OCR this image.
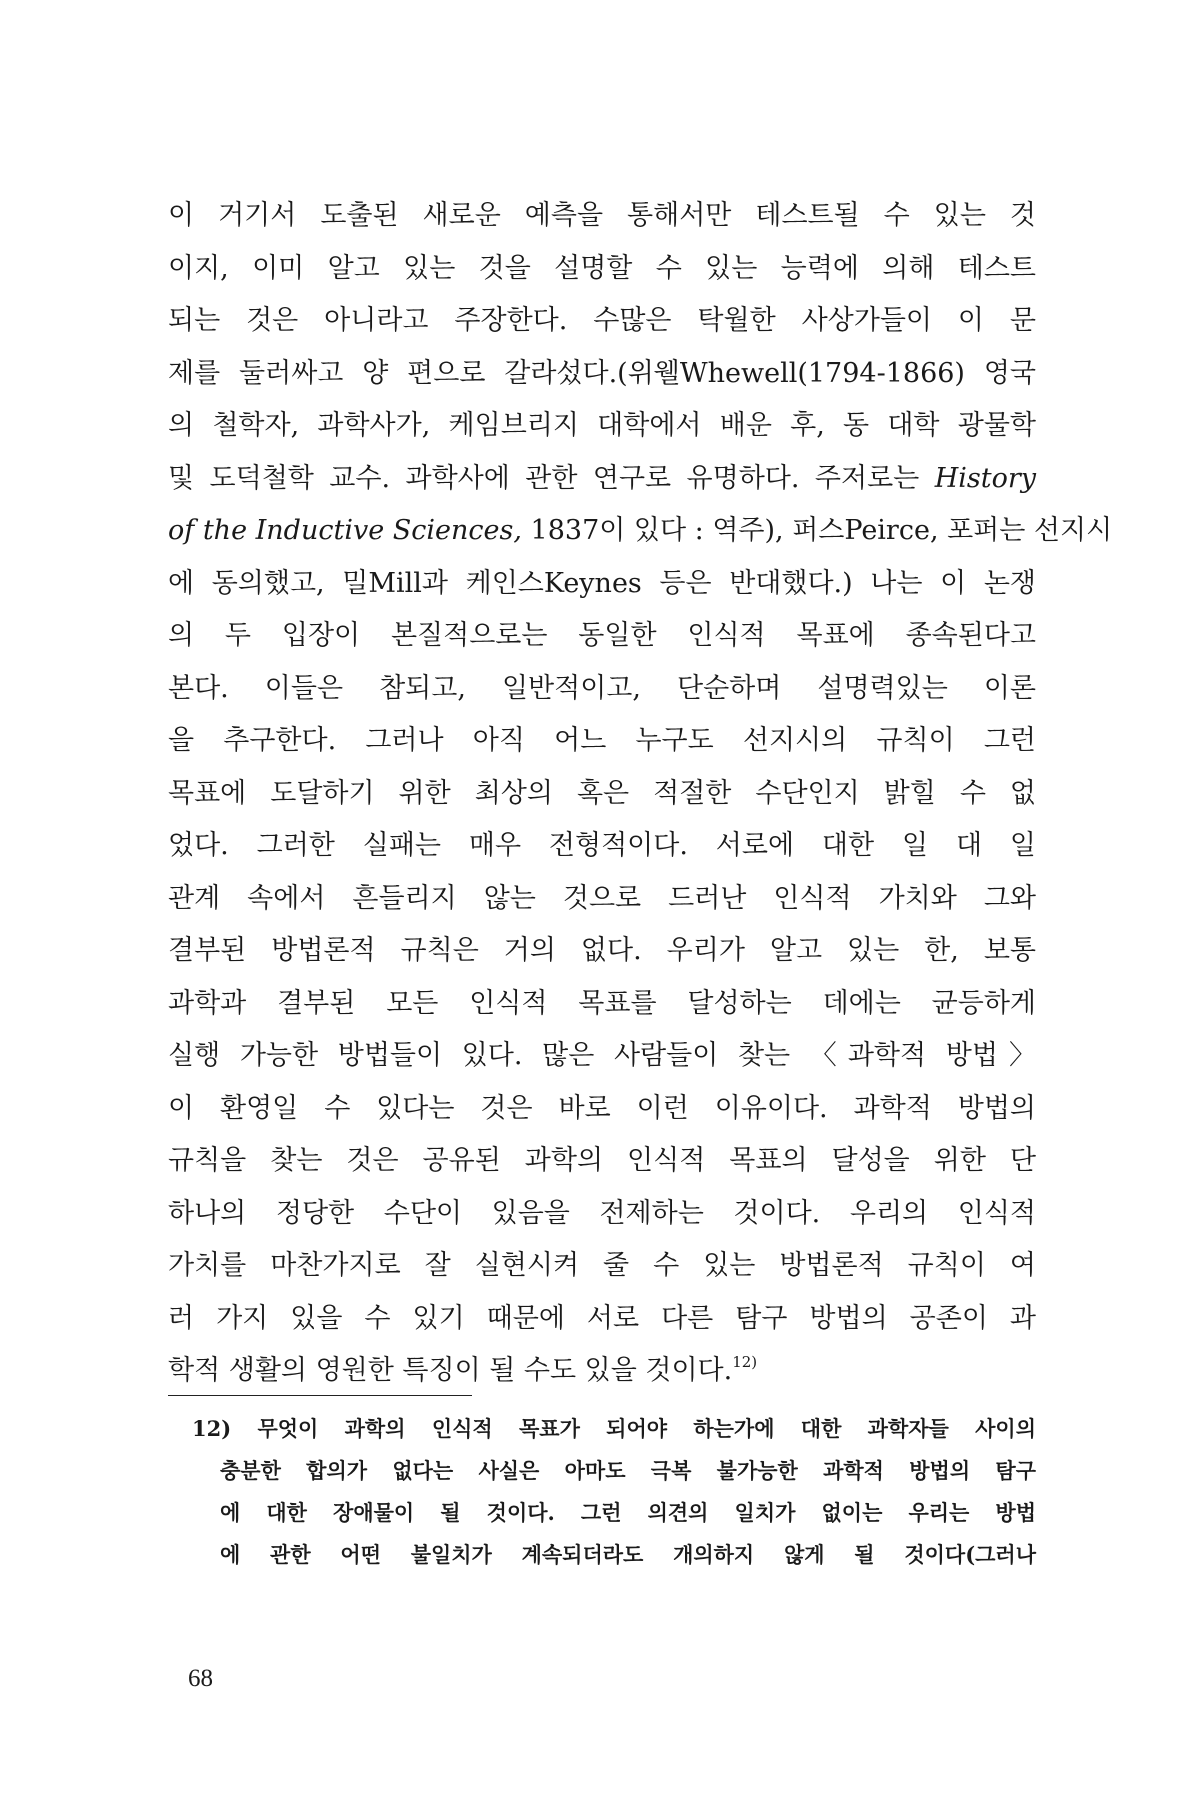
이 거기서 도출된 새로운 예측을 통해서만 테스트될 수 있는 것
이지, 이미 알고 있는 것을 설명할 수 있는 능력에 의해 테스트
되는 것은 아니라고 주장한다. 수많은 탁월한 사상가들이 이 문
제를 둘러싸고 양 편으로 갈라섰다.(위웰Whewell(1794-1866) 영국
의 철학자, 과학사가, 케임브리지 대학에서 배운 후, 동 대학 광물학
및 도덕철학 교수. 과학사에 관한 연구로 유명하다. 주저로는 History
of the Inductive Sciences, 1837이 있다 : 역주), 퍼스Peirce, 포퍼는 선지시
에 동의했고, 밀Mill과 케인스Keynes 등은 반대했다.) 나는 이 논쟁
의 두 입장이 본질적으로는 동일한 인식적 목표에 종속된다고
본다. 이들은 참되고, 일반적이고, 단순하며 설명력있는 이론
을 추구한다. 그러나 아직 어느 누구도 선지시의 규칙이 그런
목표에 도달하기 위한 최상의 혹은 적절한 수단인지 밝힐 수 없
었다. 그러한 실패는 매우 전형적이다. 서로에 대한 일 대 일
관계 속에서 흔들리지 않는 것으로 드러난 인식적 가치와 그와
결부된 방법론적 규칙은 거의 없다. 우리가 알고 있는 한, 보통
과학과 결부된 모든 인식적 목표를 달성하는 데에는 균등하게
실행 가능한 방법들이 있다. 많은 사람들이 찾는 〈과학적 방법〉
이 환영일 수 있다는 것은 바로 이런 이유이다. 과학적 방법의
규칙을 찾는 것은 공유된 과학의 인식적 목표의 달성을 위한 단
하나의 정당한 수단이 있음을 전제하는 것이다. 우리의 인식적
가치를 마찬가지로 잘 실현시켜 줄 수 있는 방법론적 규칙이 여
러 가지 있을 수 있기 때문에 서로 다른 탐구 방법의 공존이 과
학적 생활의 영원한 특징이 될 수도 있을 것이다.$^{12)}$
12) 무엇이 과학의 인식적 목표가 되어야 하는가에 대한 과학자들 사이의
충분한 합의가 없다는 사실은 아마도 극복 불가능한 과학적 방법의 탐구
에 대한 장애물이 될 것이다. 그런 의견의 일치가 없이는 우리는 방법
에 관한 어떤 불일치가 계속되더라도 개의하지 않게 될 것이다(그러나
68
